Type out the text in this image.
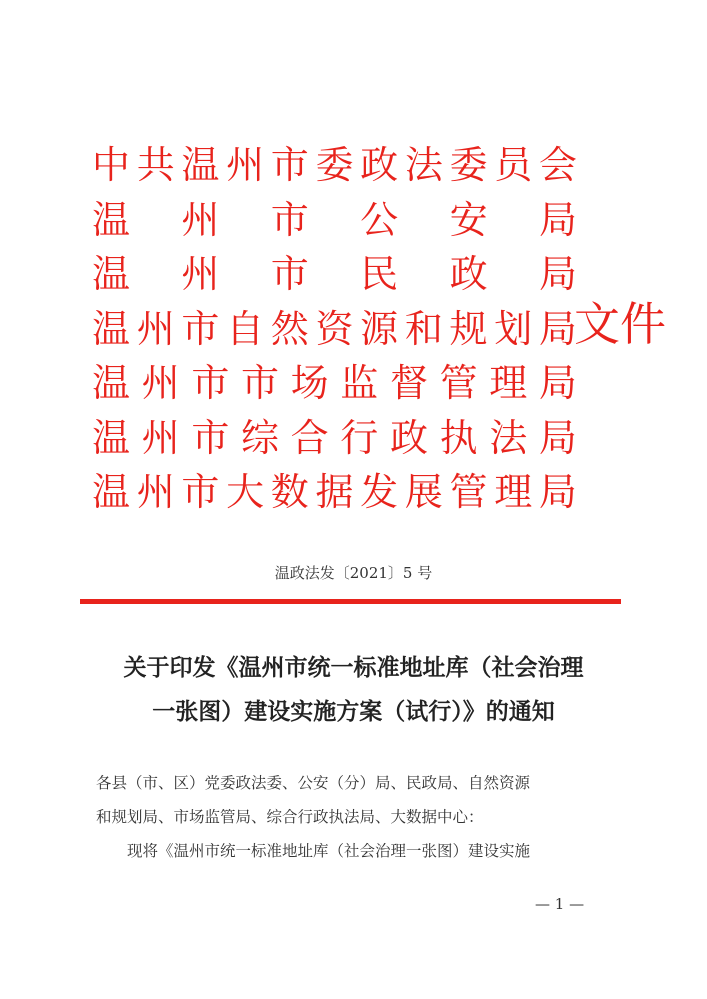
中 共 温 州 市 委 政 法 委 员 会
温 州 市 公 安 局
温 州 市 民 政 局
温 州 市 自 然 资 源 和 规 划 局
温 州 市 市 场 监 督 管 理 局
温 州 市 综 合 行 政 执 法 局
温 州 市 大 数 据 发 展 管 理 局
文件
温政法发〔2021〕5 号
关于印发《温州市统一标准地址库（社会治理
一张图）建设实施方案（试行）》的通知

各县（市、区）党委政法委、公安（分）局、民政局、自然资源

和规划局、市场监管局、综合行政执法局、大数据中心：

现将《温州市统一标准地址库（社会治理一张图）建设实施

— 1 —
